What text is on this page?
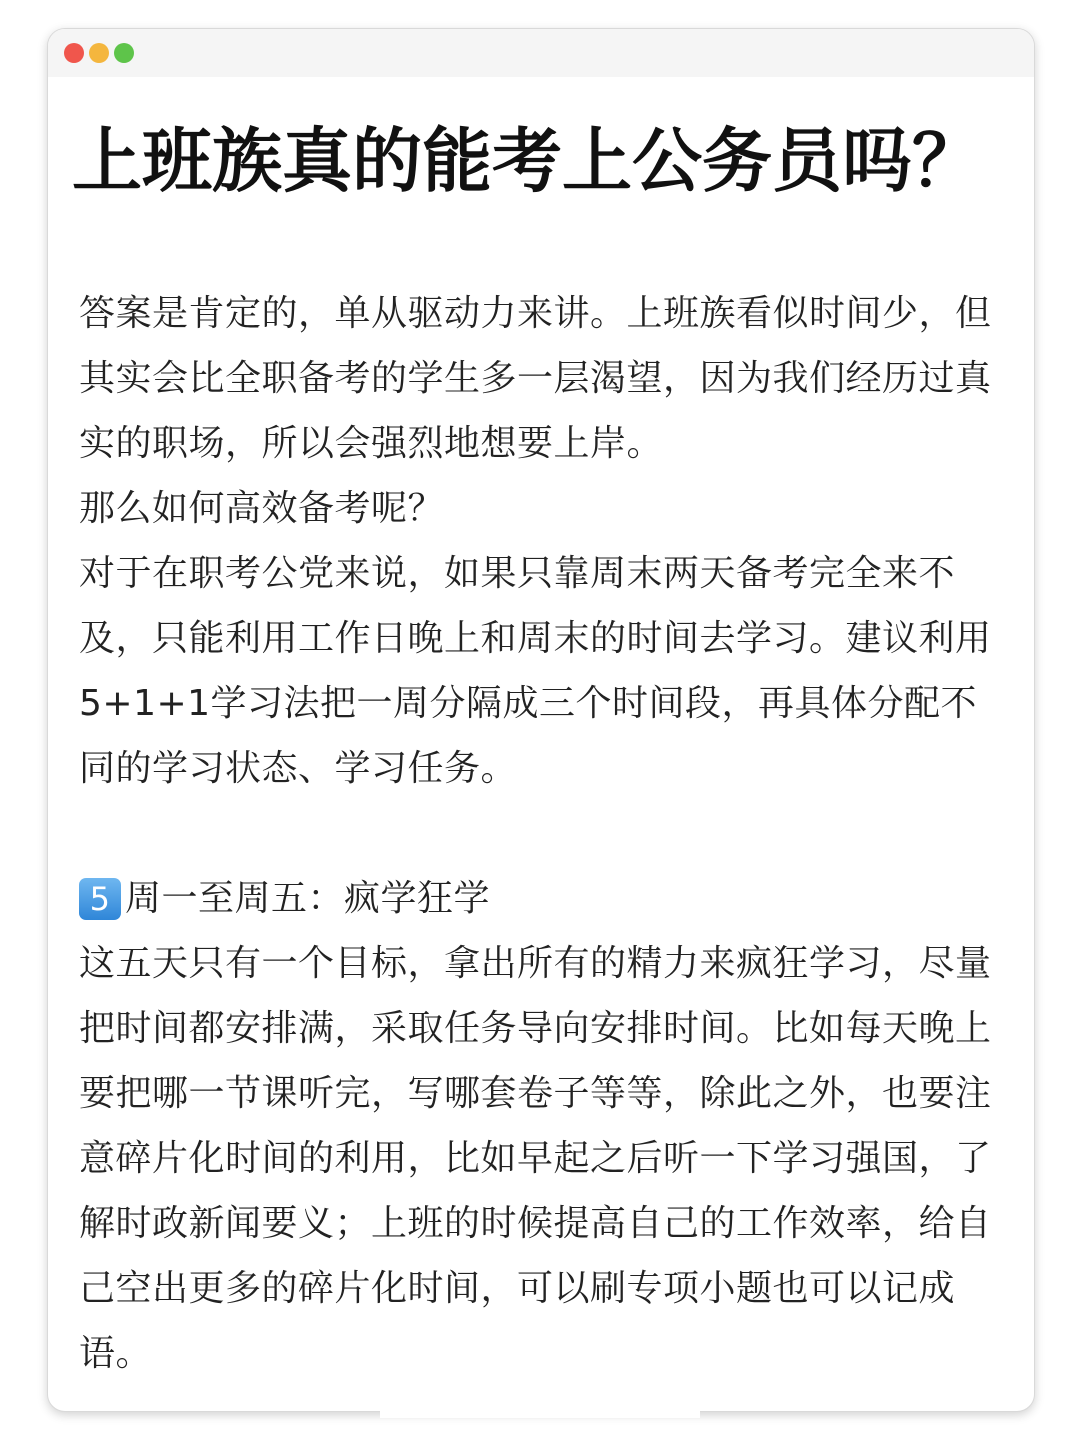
上班族真的能考上公务员吗？

答案是肯定的，单从驱动力来讲。上班族看似时间少，但其实会比全职备考的学生多一层渴望，因为我们经历过真实的职场，所以会强烈地想要上岸。

那么如何高效备考呢？

对于在职考公党来说，如果只靠周末两天备考完全来不及，只能利用工作日晚上和周末的时间去学习。建议利用5+1+1学习法把一周分隔成三个时间段，再具体分配不同的学习状态、学习任务。

5 周一至周五：疯学狂学

这五天只有一个目标，拿出所有的精力来疯狂学习，尽量把时间都安排满，采取任务导向安排时间。比如每天晚上要把哪一节课听完，写哪套卷子等等，除此之外，也要注意碎片化时间的利用，比如早起之后听一下学习强国，了解时政新闻要义；上班的时候提高自己的工作效率，给自己空出更多的碎片化时间，可以刷专项小题也可以记成语。
